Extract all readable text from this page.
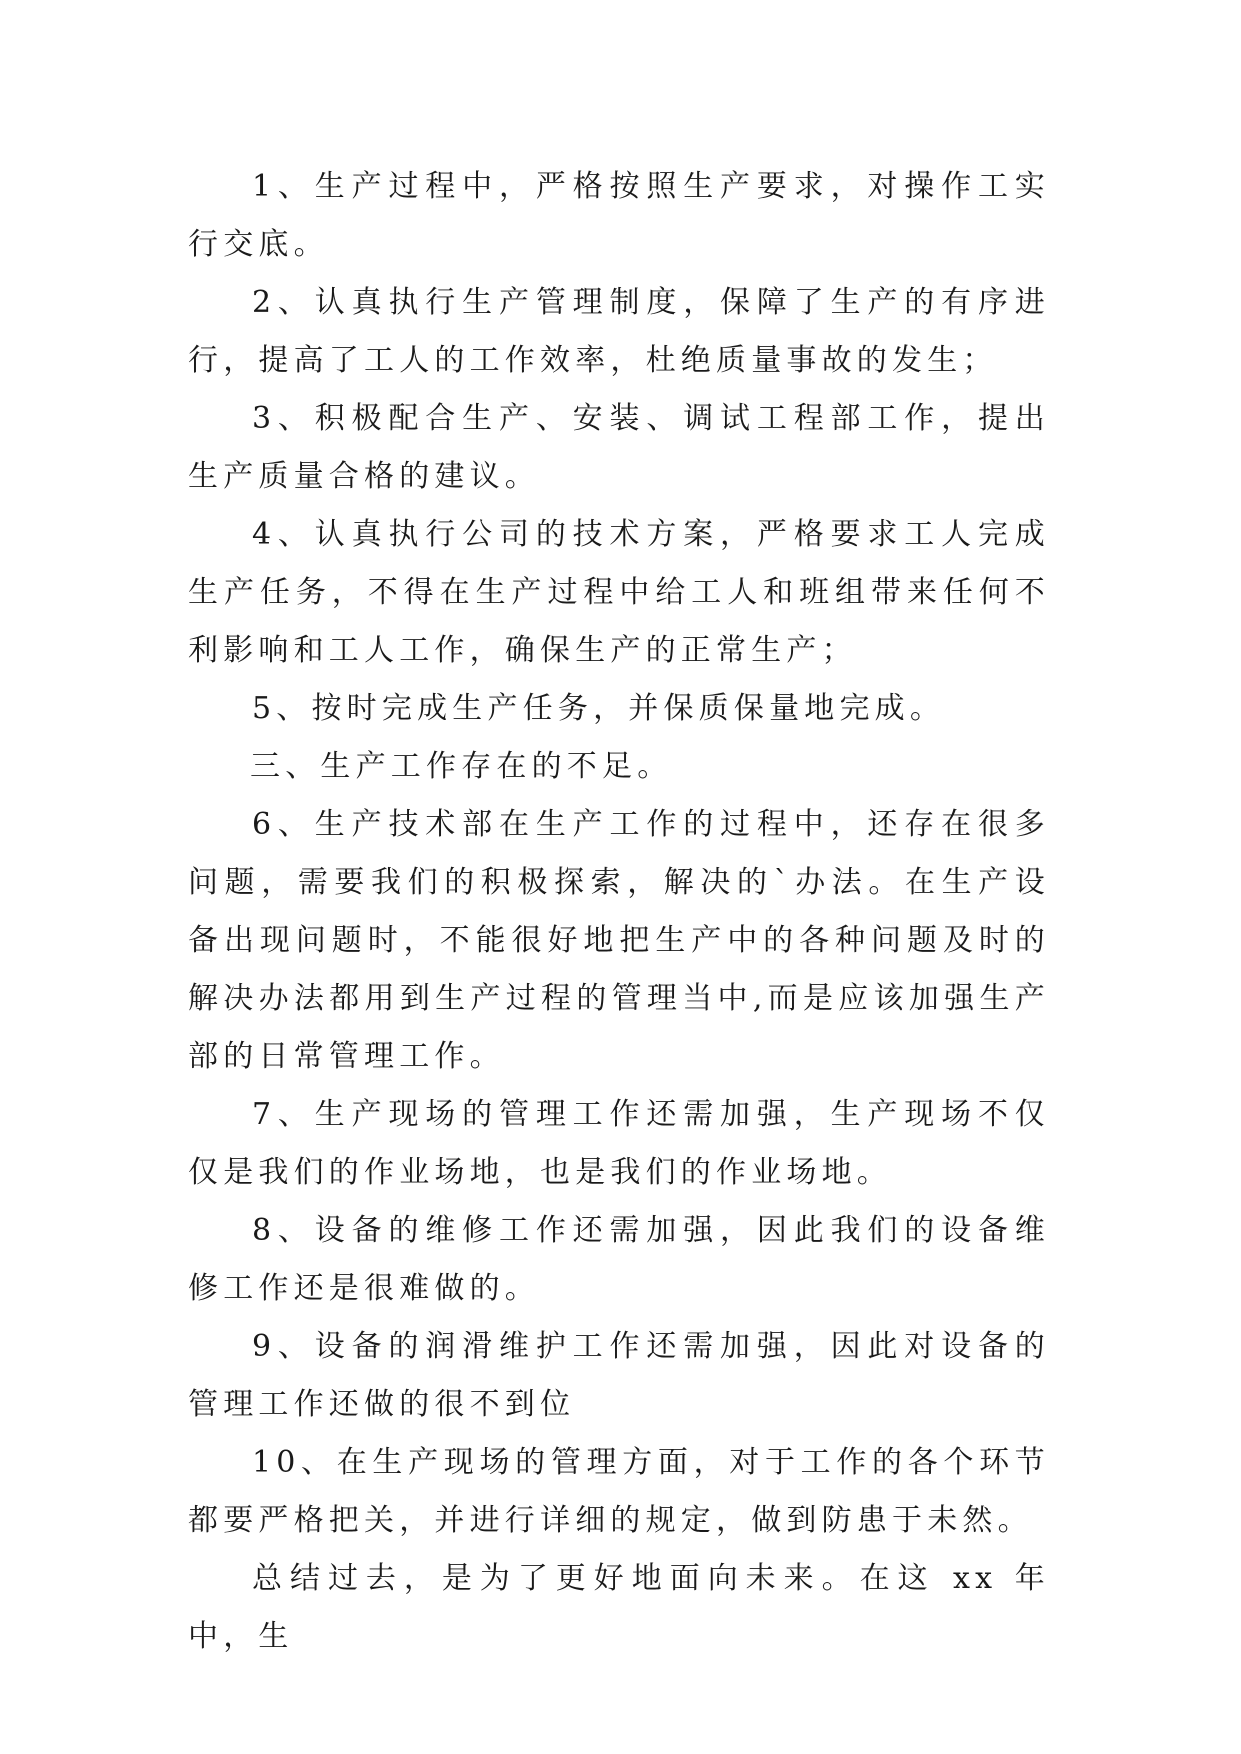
1、生产过程中，严格按照生产要求，对操作工实行交底。

2、认真执行生产管理制度，保障了生产的有序进行，提高了工人的工作效率，杜绝质量事故的发生；

3、积极配合生产、安装、调试工程部工作，提出生产质量合格的建议。

4、认真执行公司的技术方案，严格要求工人完成生产任务，不得在生产过程中给工人和班组带来任何不利影响和工人工作，确保生产的正常生产；

5、按时完成生产任务，并保质保量地完成。

三、生产工作存在的不足。

6、生产技术部在生产工作的过程中，还存在很多问题，需要我们的积极探索，解决的`办法。在生产设备出现问题时，不能很好地把生产中的各种问题及时的解决办法都用到生产过程的管理当中,而是应该加强生产部的日常管理工作。

7、生产现场的管理工作还需加强，生产现场不仅仅是我们的作业场地，也是我们的作业场地。

8、设备的维修工作还需加强，因此我们的设备维修工作还是很难做的。

9、设备的润滑维护工作还需加强，因此对设备的管理工作还做的很不到位

10、在生产现场的管理方面，对于工作的各个环节都要严格把关，并进行详细的规定，做到防患于未然。

总结过去，是为了更好地面向未来。在这 xx 年中，生
